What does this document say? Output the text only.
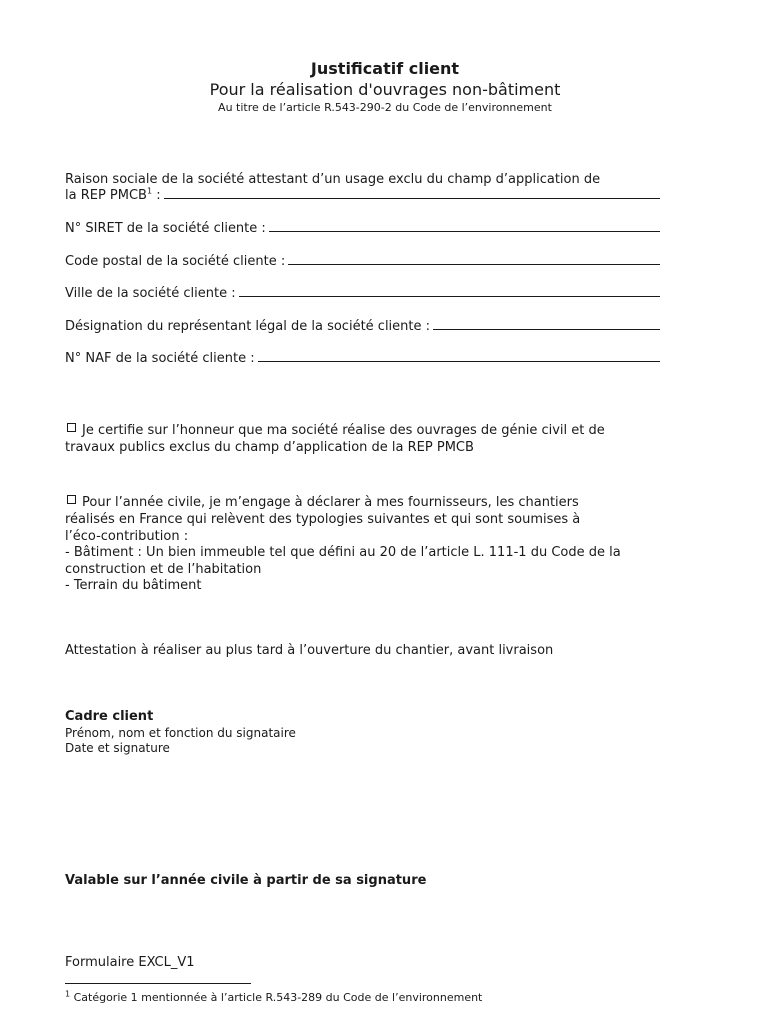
Justificatif client
Pour la réalisation d'ouvrages non-bâtiment
Au titre de l’article R.543-290-2 du Code de l’environnement
Raison sociale de la société attestant d’un usage exclu du champ d’application de
la REP PMCB$^1$ :
N° SIRET de la société cliente :
Code postal de la société cliente :
Ville de la société cliente :
Désignation du représentant légal de la société cliente :
N° NAF de la société cliente :
Je certifie sur l’honneur que ma société réalise des ouvrages de génie civil et de
travaux publics exclus du champ d’application de la REP PMCB
Pour l’année civile, je m’engage à déclarer à mes fournisseurs, les chantiers
réalisés en France qui relèvent des typologies suivantes et qui sont soumises à
l’éco-contribution :
- Bâtiment : Un bien immeuble tel que défini au 20 de l’article L. 111-1 du Code de la
construction et de l’habitation
- Terrain du bâtiment
Attestation à réaliser au plus tard à l’ouverture du chantier, avant livraison
Cadre client
Prénom, nom et fonction du signataire
Date et signature
Valable sur l’année civile à partir de sa signature
Formulaire EXCL_V1
$^1$ Catégorie 1 mentionnée à l’article R.543-289 du Code de l’environnement
